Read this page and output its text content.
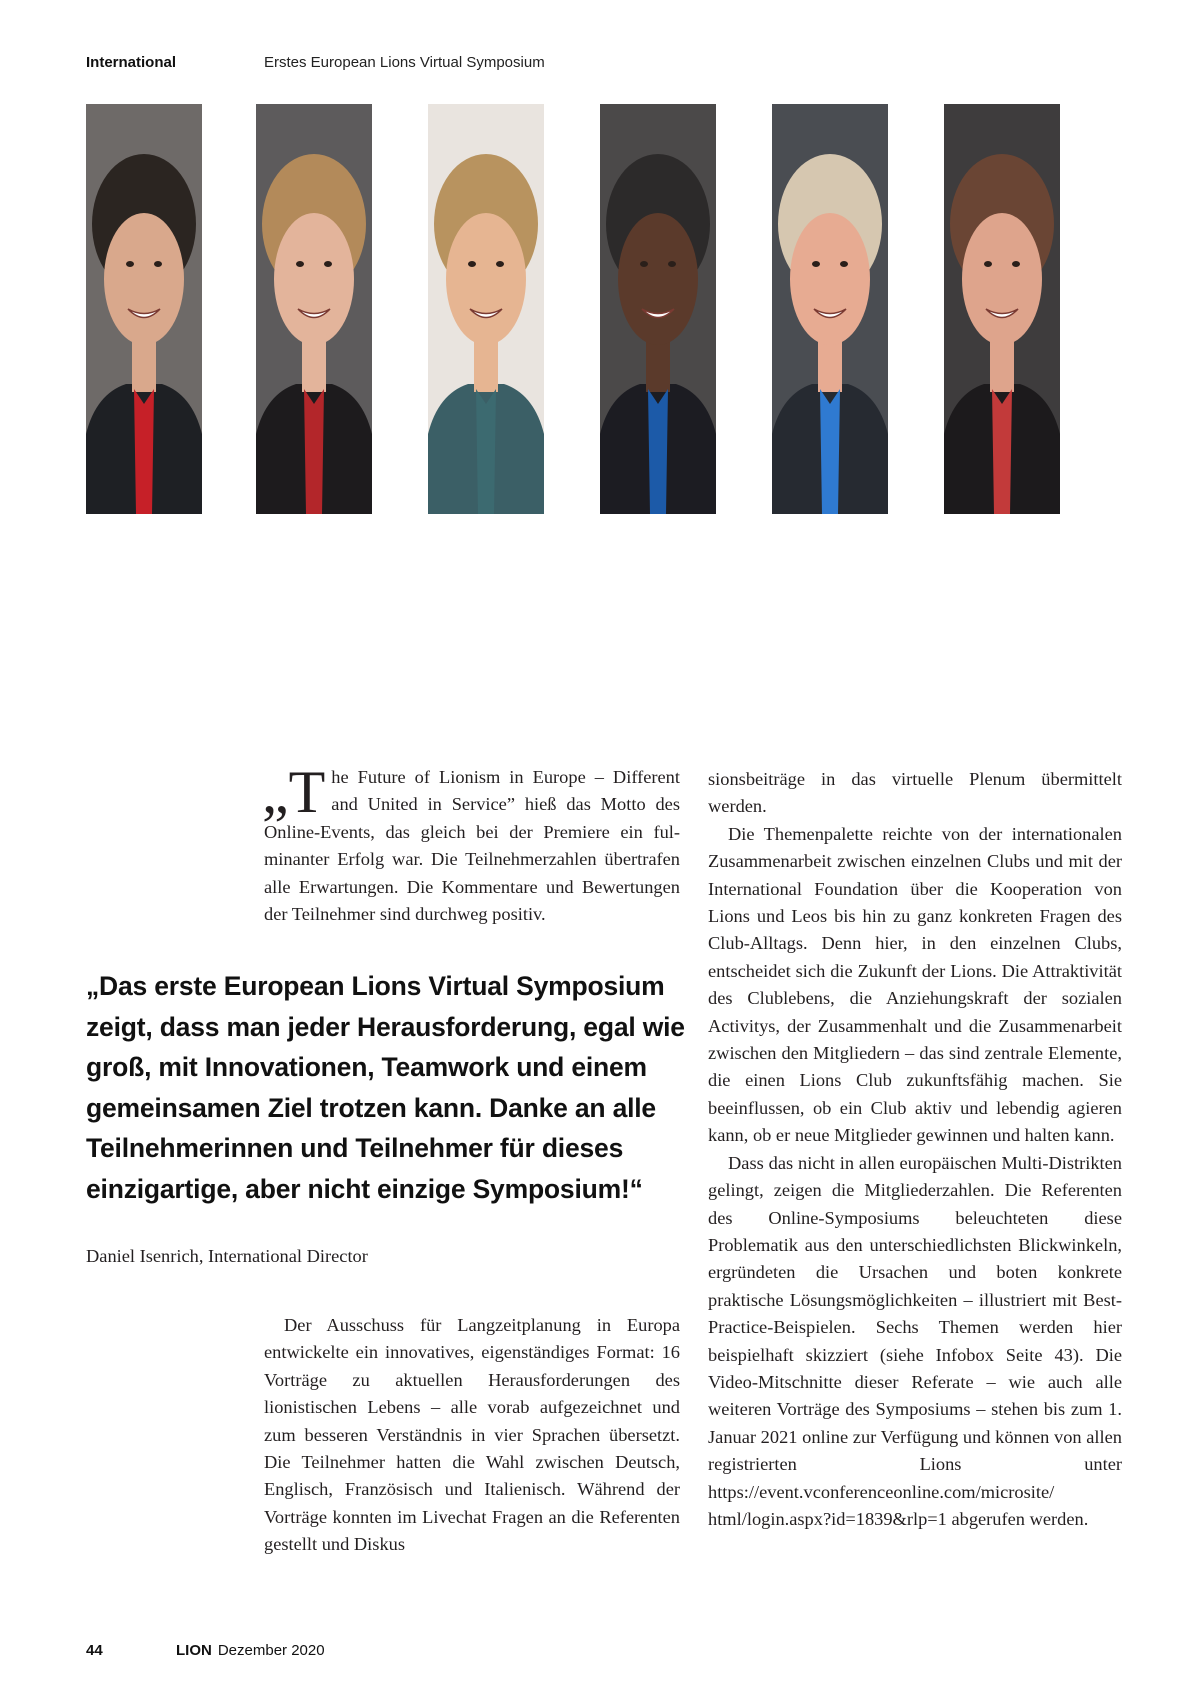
International	Erstes European Lions Virtual Symposium

„T he Future of Lionism in Europe – Different and United in Service” hieß das Motto des Online-Events, das gleich bei der Premiere ein fulminanter Erfolg war. Die Teilnehmerzahlen übertrafen alle Erwartungen. Die Kommentare und Bewertungen der Teilnehmer sind durchweg positiv.

„Das erste European Lions Virtual Symposium zeigt, dass man jeder Herausforderung, egal wie groß, mit Innovationen, Teamwork und einem gemeinsamen Ziel trotzen kann. Danke an alle Teilnehmerinnen und Teilnehmer für dieses einzigartige, aber nicht einzige Symposium!“
Daniel Isenrich, International Director

Der Ausschuss für Langzeitplanung in Europa entwickelte ein innovatives, eigenständiges Format: 16 Vorträge zu aktuellen Herausforderungen des lionistischen Lebens – alle vorab aufgezeichnet und zum besseren Verständnis in vier Sprachen übersetzt. Die Teilnehmer hatten die Wahl zwischen Deutsch, Englisch, Französisch und Italienisch. Während der Vorträge konnten im Livechat Fragen an die Referenten gestellt und Diskus

sionsbeiträge in das virtuelle Plenum übermittelt werden.

Die Themenpalette reichte von der internationalen Zusammenarbeit zwischen einzelnen Clubs und mit der International Foundation über die Kooperation von Lions und Leos bis hin zu ganz konkreten Fragen des Club-Alltags. Denn hier, in den einzelnen Clubs, entscheidet sich die Zukunft der Lions. Die Attraktivität des Clublebens, die Anziehungskraft der sozialen Activitys, der Zusammenhalt und die Zusammenarbeit zwischen den Mitgliedern – das sind zentrale Elemente, die einen Lions Club zukunftsfähig machen. Sie beeinflussen, ob ein Club aktiv und lebendig agieren kann, ob er neue Mitglieder gewinnen und halten kann.

Dass das nicht in allen europäischen Multi-Distrikten gelingt, zeigen die Mitgliederzahlen. Die Referenten des Online-Symposiums beleuchteten diese Problematik aus den unterschiedlichsten Blickwinkeln, ergründeten die Ursachen und boten konkrete praktische Lösungsmöglichkeiten – illustriert mit Best-Practice-Beispielen. Sechs Themen werden hier beispielhaft skizziert (siehe Infobox Seite 43). Die Video-Mitschnitte dieser Referate – wie auch alle weiteren Vorträge des Symposiums – stehen bis zum 1. Januar 2021 online zur Verfügung und können von allen registrierten Lions unter https://event.vconferenceonline.com/microsite/ html/login.aspx?id=1839&rlp=1 abgerufen werden.

44	LION Dezember 2020
